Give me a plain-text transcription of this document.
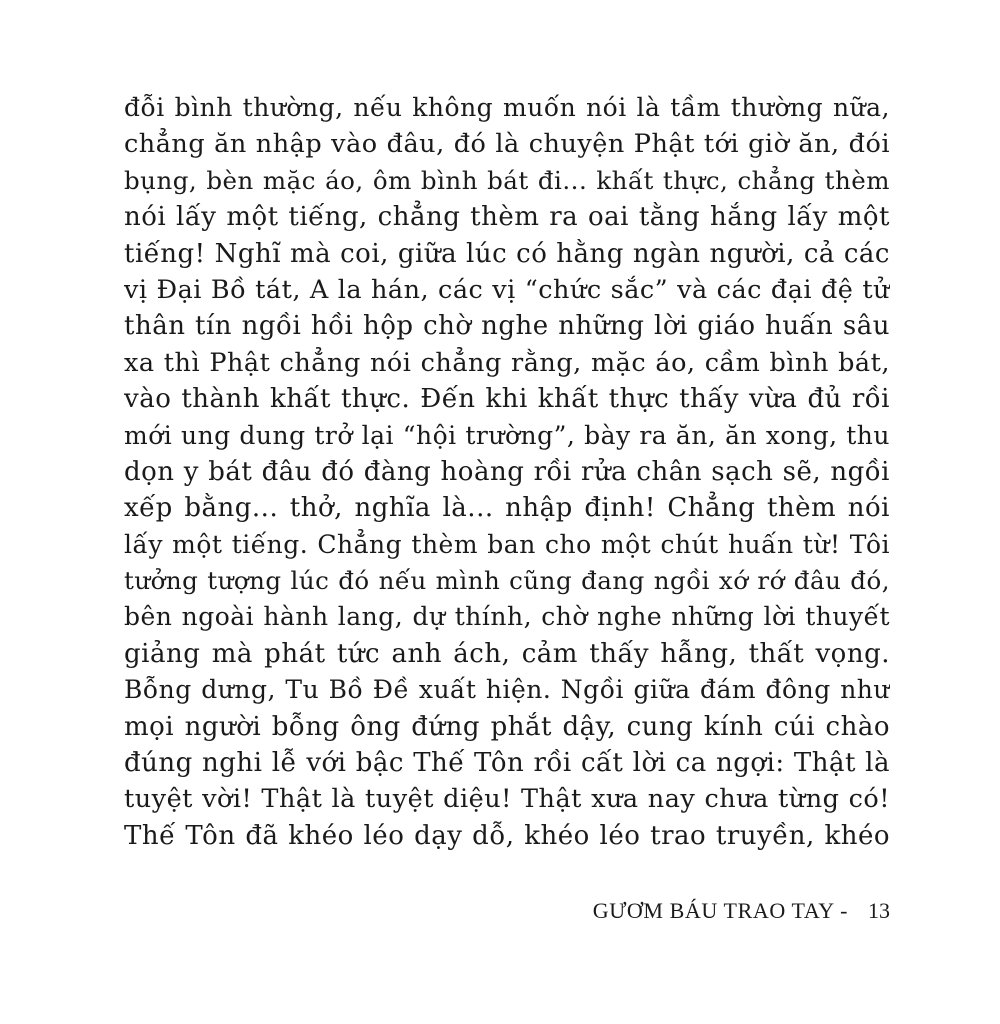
đỗi bình thường, nếu không muốn nói là tầm thường nữa,
chẳng ăn nhập vào đâu, đó là chuyện Phật tới giờ ăn, đói
bụng, bèn mặc áo, ôm bình bát đi... khất thực, chẳng thèm
nói lấy một tiếng, chẳng thèm ra oai tằng hắng lấy một
tiếng! Nghĩ mà coi, giữa lúc có hằng ngàn người, cả các
vị Đại Bồ tát, A la hán, các vị “chức sắc” và các đại đệ tử
thân tín ngồi hồi hộp chờ nghe những lời giáo huấn sâu
xa thì Phật chẳng nói chẳng rằng, mặc áo, cầm bình bát,
vào thành khất thực. Đến khi khất thực thấy vừa đủ rồi
mới ung dung trở lại “hội trường”, bày ra ăn, ăn xong, thu
dọn y bát đâu đó đàng hoàng rồi rửa chân sạch sẽ, ngồi
xếp bằng... thở, nghĩa là... nhập định! Chẳng thèm nói
lấy một tiếng. Chẳng thèm ban cho một chút huấn từ! Tôi
tưởng tượng lúc đó nếu mình cũng đang ngồi xớ rớ đâu đó,
bên ngoài hành lang, dự thính, chờ nghe những lời thuyết
giảng mà phát tức anh ách, cảm thấy hẫng, thất vọng.
Bỗng dưng, Tu Bồ Đề xuất hiện. Ngồi giữa đám đông như
mọi người bỗng ông đứng phắt dậy, cung kính cúi chào
đúng nghi lễ với bậc Thế Tôn rồi cất lời ca ngợi: Thật là
tuyệt vời! Thật là tuyệt diệu! Thật xưa nay chưa từng có!
Thế Tôn đã khéo léo dạy dỗ, khéo léo trao truyền, khéo
GƯƠM BÁU TRAO TAY - 13
